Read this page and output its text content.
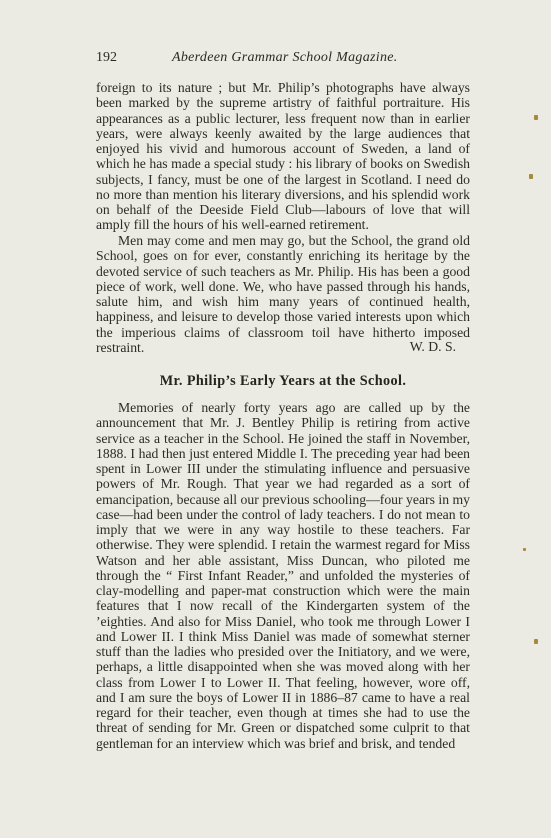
192	Aberdeen Grammar School Magazine.

foreign to its nature ; but Mr. Philip’s photographs have always been marked by the supreme artistry of faithful portraiture. His appearances as a public lecturer, less frequent now than in earlier years, were always keenly awaited by the large audiences that enjoyed his vivid and humorous account of Sweden, a land of which he has made a special study : his library of books on Swedish subjects, I fancy, must be one of the largest in Scotland. I need do no more than mention his literary diversions, and his splendid work on behalf of the Deeside Field Club—labours of love that will amply fill the hours of his well-earned retirement.

Men may come and men may go, but the School, the grand old School, goes on for ever, constantly enriching its heritage by the devoted service of such teachers as Mr. Philip. His has been a good piece of work, well done. We, who have passed through his hands, salute him, and wish him many years of continued health, happiness, and leisure to develop those varied interests upon which the imperious claims of classroom toil have hitherto imposed restraint.	W. D. S.
Mr. Philip’s Early Years at the School.

Memories of nearly forty years ago are called up by the announcement that Mr. J. Bentley Philip is retiring from active service as a teacher in the School. He joined the staff in November, 1888. I had then just entered Middle I. The preceding year had been spent in Lower III under the stimulating influence and persuasive powers of Mr. Rough. That year we had regarded as a sort of emancipation, because all our previous schooling—four years in my case—had been under the control of lady teachers. I do not mean to imply that we were in any way hostile to these teachers. Far otherwise. They were splendid. I retain the warmest regard for Miss Watson and her able assistant, Miss Duncan, who piloted me through the “ First Infant Reader,” and unfolded the mysteries of clay-modelling and paper-mat construction which were the main features that I now recall of the Kindergarten system of the ’eighties. And also for Miss Daniel, who took me through Lower I and Lower II. I think Miss Daniel was made of somewhat sterner stuff than the ladies who presided over the Initiatory, and we were, perhaps, a little disappointed when she was moved along with her class from Lower I to Lower II. That feeling, however, wore off, and I am sure the boys of Lower II in 1886–87 came to have a real regard for their teacher, even though at times she had to use the threat of sending for Mr. Green or dispatched some culprit to that gentleman for an interview which was brief and brisk, and tended
